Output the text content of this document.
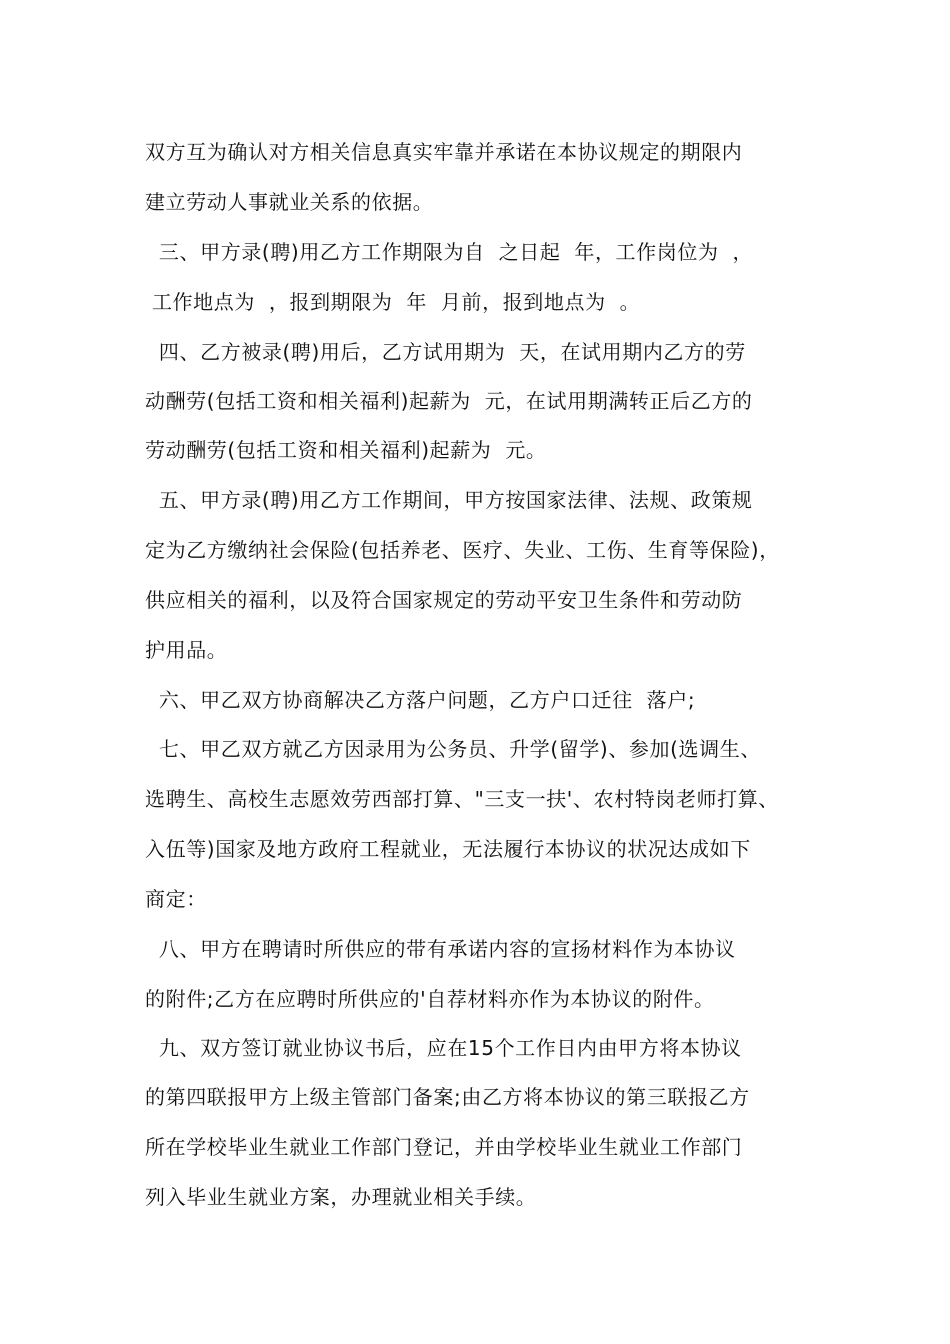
双方互为确认对方相关信息真实牢靠并承诺在本协议规定的期限内
建立劳动人事就业关系的依据。
三、甲方录(聘)用乙方工作期限为自  之日起  年，工作岗位为  ，
工作地点为  ，报到期限为  年  月前，报到地点为  。
四、乙方被录(聘)用后，乙方试用期为  天，在试用期内乙方的劳
动酬劳(包括工资和相关福利)起薪为  元，在试用期满转正后乙方的
劳动酬劳(包括工资和相关福利)起薪为  元。
五、甲方录(聘)用乙方工作期间，甲方按国家法律、法规、政策规
定为乙方缴纳社会保险(包括养老、医疗、失业、工伤、生育等保险)，
供应相关的福利，以及符合国家规定的劳动平安卫生条件和劳动防
护用品。
六、甲乙双方协商解决乙方落户问题，乙方户口迁往  落户;
七、甲乙双方就乙方因录用为公务员、升学(留学)、参加(选调生、
选聘生、高校生志愿效劳西部打算、"三支一扶'、农村特岗老师打算、
入伍等)国家及地方政府工程就业，无法履行本协议的状况达成如下
商定：
八、甲方在聘请时所供应的带有承诺内容的宣扬材料作为本协议
的附件;乙方在应聘时所供应的'自荐材料亦作为本协议的附件。
九、双方签订就业协议书后，应在15个工作日内由甲方将本协议
的第四联报甲方上级主管部门备案;由乙方将本协议的第三联报乙方
所在学校毕业生就业工作部门登记，并由学校毕业生就业工作部门
列入毕业生就业方案，办理就业相关手续。
